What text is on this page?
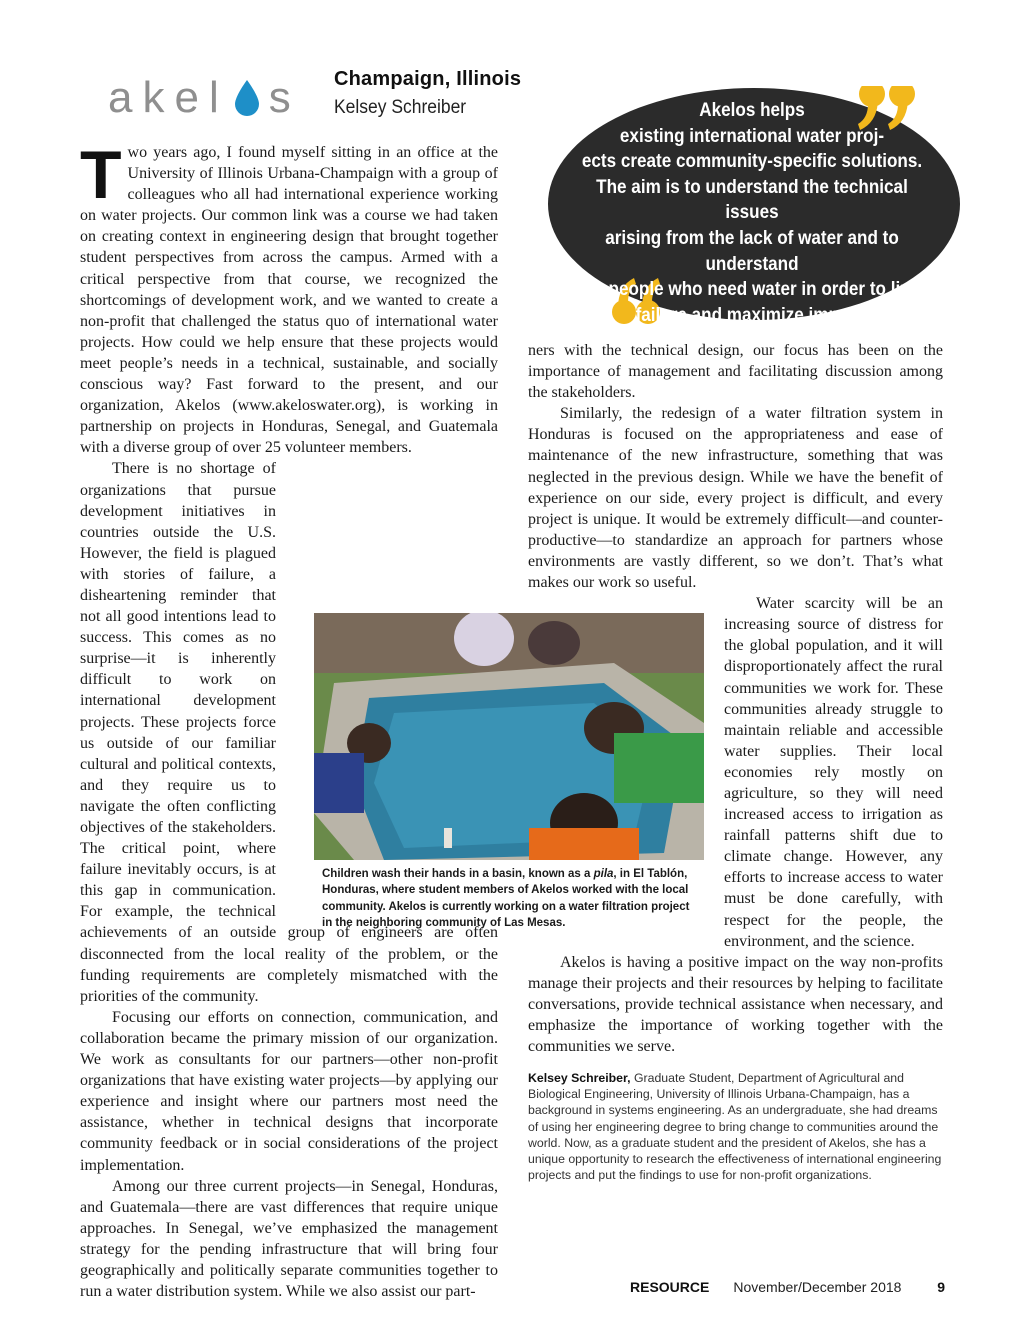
akel s Champaign, Illinois
Kelsey Schreiber	Akelos helps
existing international water proj-
ects create community-specific solutions.
The aim is to understand the technical issues
arising from the lack of water and to understand
the people who need water in order to limit
failure and maximize impact.

Two years ago, I found myself sitting in an office at the University of Illinois Urbana-Champaign with a group of colleagues who all had international experience working on water projects. Our common link was a course we had taken on creating context in engineering design that brought together student perspectives from across the campus. Armed with a critical perspective from that course, we recognized the shortcomings of development work, and we wanted to create a non-profit that challenged the status quo of international water projects. How could we help ensure that these projects would meet people’s needs in a technical, sustainable, and socially conscious way? Fast forward to the present, and our organization, Akelos (www.akeloswater.org), is working in partnership on projects in Honduras, Senegal, and Guatemala with a diverse group of over 25 volunteer members.

There is no shortage of organizations that pursue development initiatives in countries outside the U.S. However, the field is plagued with stories of failure, a disheartening reminder that not all good intentions lead to success. This comes as no surprise—it is inherently difficult to work on international development projects. These projects force us outside of our familiar cultural and political contexts, and they require us to navigate the often conflicting objectives of the stakeholders. The critical point, where failure inevitably occurs, is at this gap in communication. For example, the technical achievements of an outside group of engineers are often disconnected from the local reality of the problem, or the funding requirements are completely mismatched with the priorities of the community.

Focusing our efforts on connection, communication, and collaboration became the primary mission of our organization. We work as consultants for our partners—other non-profit organizations that have existing water projects—by applying our experience and insight where our partners most need the assistance, whether in technical designs that incorporate community feedback or in social considerations of the project implementation.

Among our three current projects—in Senegal, Honduras, and Guatemala—there are vast differences that require unique approaches. In Senegal, we’ve emphasized the management strategy for the pending infrastructure that will bring four geographically and politically separate communities together to run a water distribution system. While we also assist our part-

ners with the technical design, our focus has been on the importance of management and facilitating discussion among the stakeholders.

Similarly, the redesign of a water filtration system in Honduras is focused on the appropriateness and ease of maintenance of the new infrastructure, something that was neglected in the previous design. While we have the benefit of experience on our side, every project is difficult, and every project is unique. It would be extremely difficult—and counter-productive—to standardize an approach for partners whose environments are vastly different, so we don’t. That’s what makes our work so useful.

Water scarcity will be an increasing source of distress for the global population, and it will disproportionately affect the rural communities we work for. These communities already struggle to maintain reliable and accessible water supplies. Their local economies rely mostly on agriculture, so they will need increased access to irrigation as rainfall patterns shift due to climate change. However, any efforts to increase access to water must be done carefully, with respect for the people, the environment, and the science.

Akelos is having a positive impact on the way non-profits manage their projects and their resources by helping to facilitate conversations, provide technical assistance when necessary, and emphasize the importance of working together with the communities we serve.

Children wash their hands in a basin, known as a pila, in El Tablón, Honduras, where student members of Akelos worked with the local community. Akelos is currently working on a water filtration project in the neighboring community of Las Mesas.
Kelsey Schreiber, Graduate Student, Department of Agricultural and Biological Engineering, University of Illinois Urbana-Champaign, has a background in systems engineering. As an undergraduate, she had dreams of using her engineering degree to bring change to communities around the world. Now, as a graduate student and the president of Akelos, she has a unique opportunity to research the effectiveness of international engineering projects and put the findings to use for non-profit organizations.
RESOURCE November/December 2018	9
